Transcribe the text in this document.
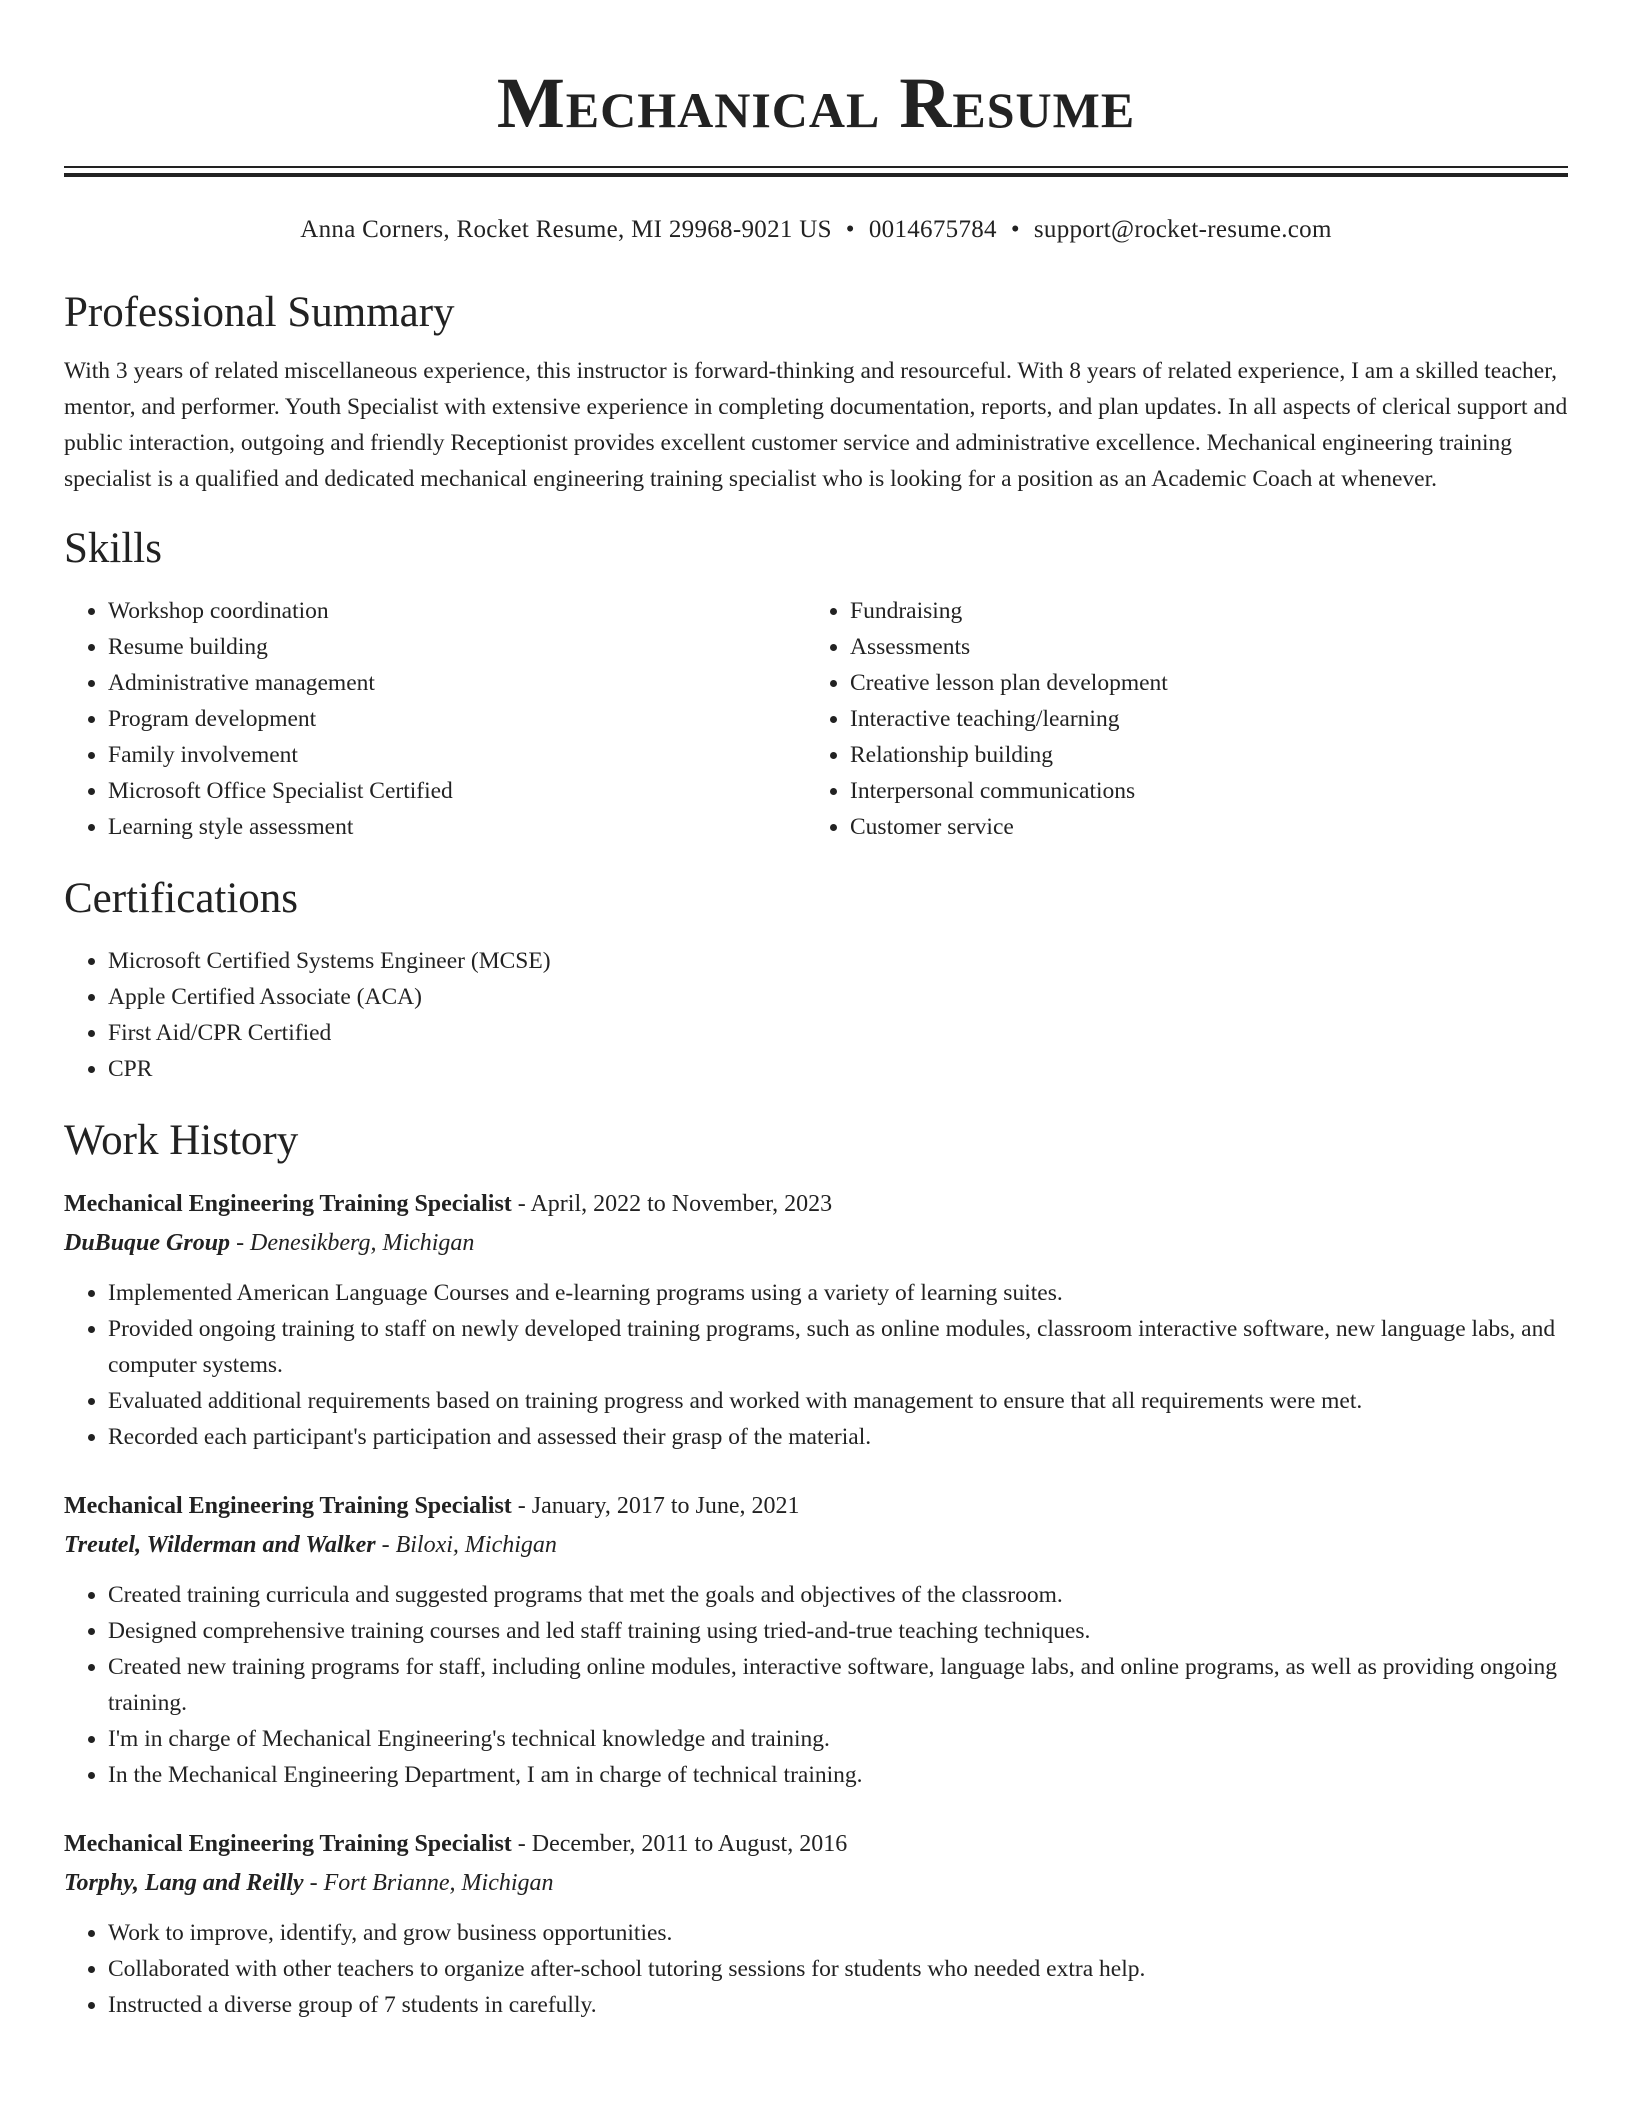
Mechanical Resume
Anna Corners, Rocket Resume, MI 29968-9021 US • 0014675784 • support@rocket-resume.com
Professional Summary
With 3 years of related miscellaneous experience, this instructor is forward-thinking and resourceful. With 8 years of related experience, I am a skilled teacher, mentor, and performer. Youth Specialist with extensive experience in completing documentation, reports, and plan updates. In all aspects of clerical support and public interaction, outgoing and friendly Receptionist provides excellent customer service and administrative excellence. Mechanical engineering training specialist is a qualified and dedicated mechanical engineering training specialist who is looking for a position as an Academic Coach at whenever.
Skills
• Workshop coordination
• Resume building
• Administrative management
• Program development
• Family involvement
• Microsoft Office Specialist Certified
• Learning style assessment
• Fundraising
• Assessments
• Creative lesson plan development
• Interactive teaching/learning
• Relationship building
• Interpersonal communications
• Customer service
Certifications
• Microsoft Certified Systems Engineer (MCSE)
• Apple Certified Associate (ACA)
• First Aid/CPR Certified
• CPR
Work History
Mechanical Engineering Training Specialist - April, 2022 to November, 2023
DuBuque Group - Denesikberg, Michigan
• Implemented American Language Courses and e-learning programs using a variety of learning suites.
• Provided ongoing training to staff on newly developed training programs, such as online modules, classroom interactive software, new language labs, and computer systems.
• Evaluated additional requirements based on training progress and worked with management to ensure that all requirements were met.
• Recorded each participant's participation and assessed their grasp of the material.
Mechanical Engineering Training Specialist - January, 2017 to June, 2021
Treutel, Wilderman and Walker - Biloxi, Michigan
• Created training curricula and suggested programs that met the goals and objectives of the classroom.
• Designed comprehensive training courses and led staff training using tried-and-true teaching techniques.
• Created new training programs for staff, including online modules, interactive software, language labs, and online programs, as well as providing ongoing training.
• I'm in charge of Mechanical Engineering's technical knowledge and training.
• In the Mechanical Engineering Department, I am in charge of technical training.
Mechanical Engineering Training Specialist - December, 2011 to August, 2016
Torphy, Lang and Reilly - Fort Brianne, Michigan
• Work to improve, identify, and grow business opportunities.
• Collaborated with other teachers to organize after-school tutoring sessions for students who needed extra help.
• Instructed a diverse group of 7 students in carefully.
